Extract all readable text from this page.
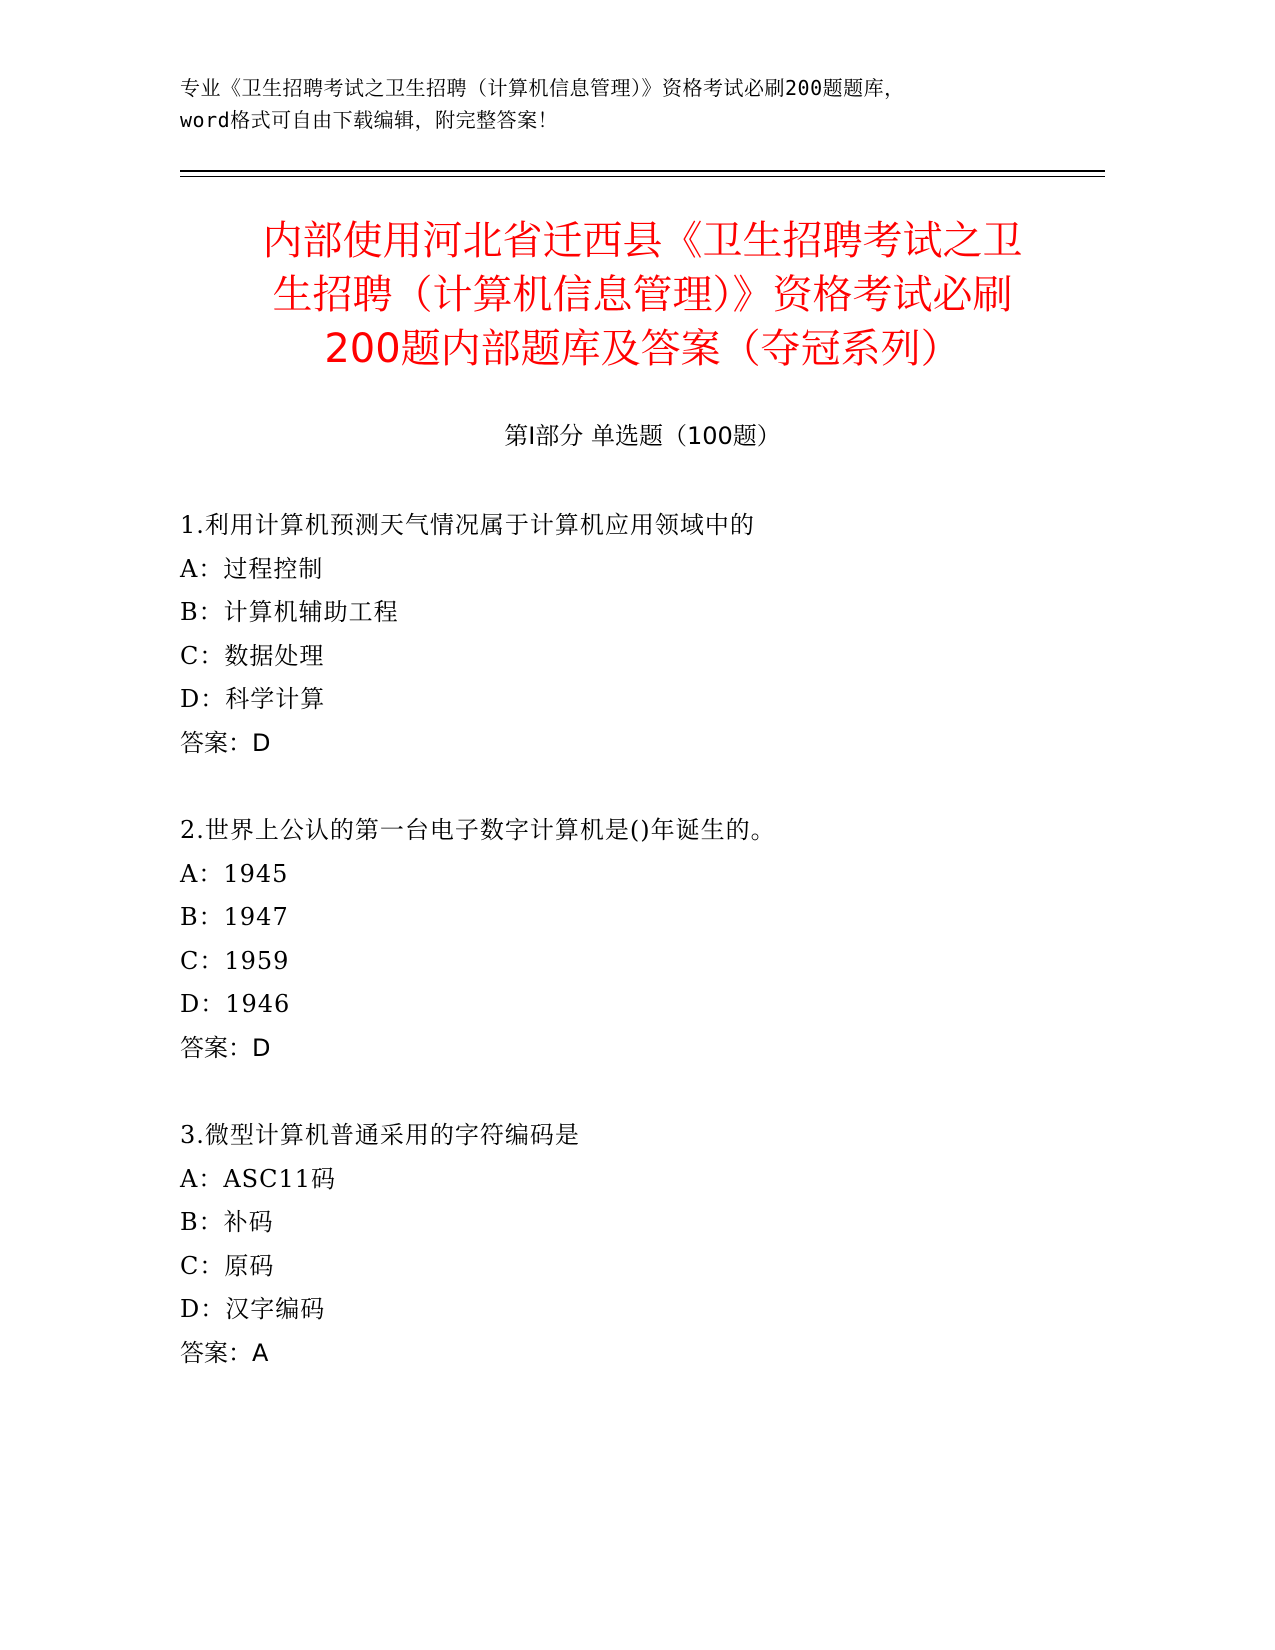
专业《卫生招聘考试之卫生招聘（计算机信息管理）》资格考试必刷200题题库，
word格式可自由下载编辑，附完整答案！
内部使用河北省迁西县《卫生招聘考试之卫
生招聘（计算机信息管理）》资格考试必刷
200题内部题库及答案（夺冠系列）
第Ⅰ部分 单选题（100题）
1.利用计算机预测天气情况属于计算机应用领域中的
A：过程控制
B：计算机辅助工程
C：数据处理
D：科学计算
答案：D
2.世界上公认的第一台电子数字计算机是()年诞生的。
A：1945
B：1947
C：1959
D：1946
答案：D
3.微型计算机普通采用的字符编码是
A：ASC11码
B：补码
C：原码
D：汉字编码
答案：A
